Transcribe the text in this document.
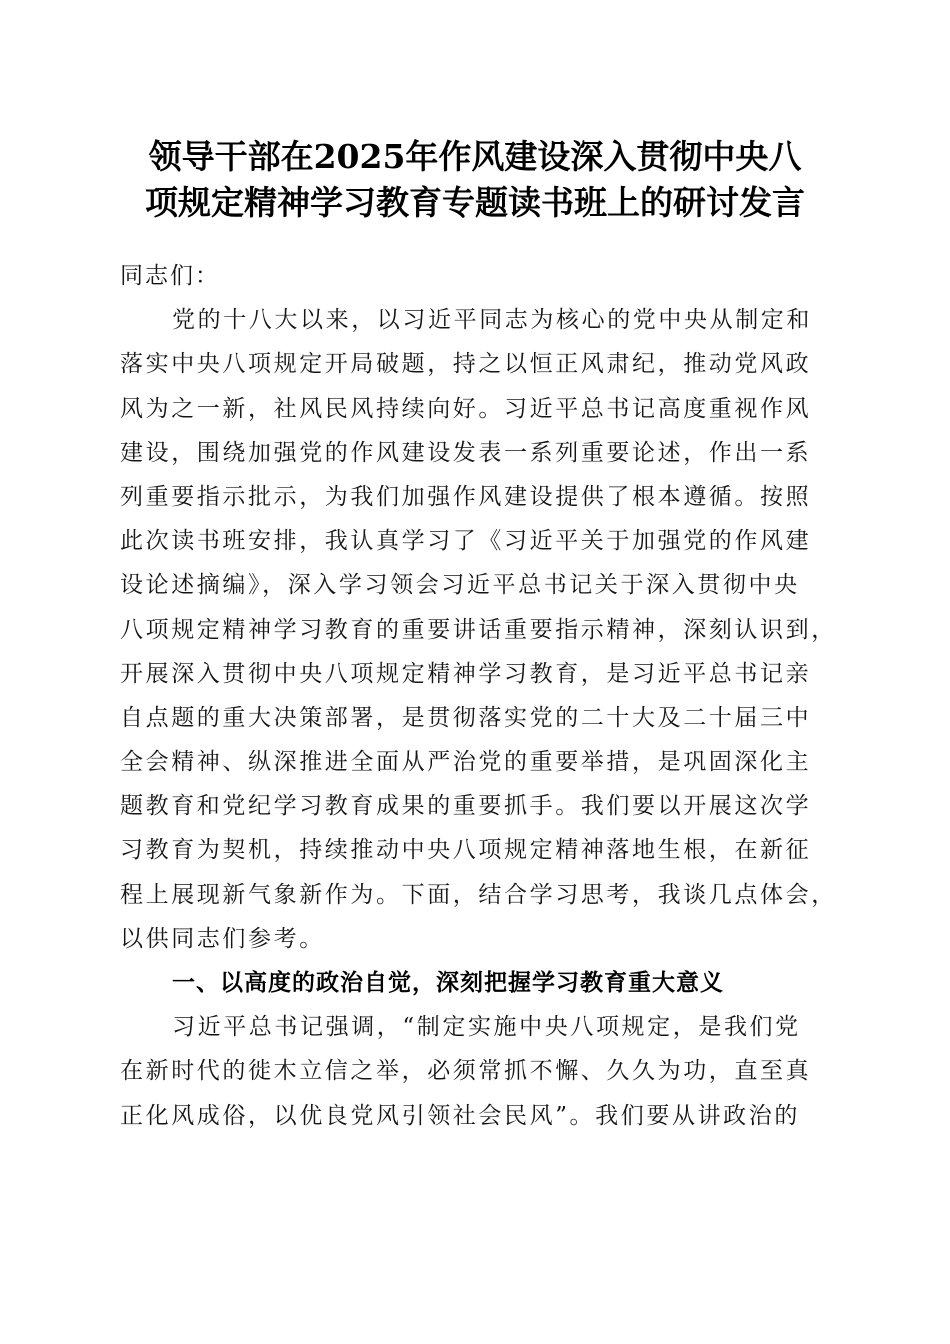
领导干部在2025年作风建设深入贯彻中央八
项规定精神学习教育专题读书班上的研讨发言
同志们：
党的十八大以来，以习近平同志为核心的党中央从制定和
落实中央八项规定开局破题，持之以恒正风肃纪，推动党风政
风为之一新，社风民风持续向好。习近平总书记高度重视作风
建设，围绕加强党的作风建设发表一系列重要论述，作出一系
列重要指示批示，为我们加强作风建设提供了根本遵循。按照
此次读书班安排，我认真学习了《习近平关于加强党的作风建
设论述摘编》，深入学习领会习近平总书记关于深入贯彻中央
八项规定精神学习教育的重要讲话重要指示精神，深刻认识到，
开展深入贯彻中央八项规定精神学习教育，是习近平总书记亲
自点题的重大决策部署，是贯彻落实党的二十大及二十届三中
全会精神、纵深推进全面从严治党的重要举措，是巩固深化主
题教育和党纪学习教育成果的重要抓手。我们要以开展这次学
习教育为契机，持续推动中央八项规定精神落地生根，在新征
程上展现新气象新作为。下面，结合学习思考，我谈几点体会，
以供同志们参考。
一、以高度的政治自觉，深刻把握学习教育重大意义
习近平总书记强调，“制定实施中央八项规定，是我们党
在新时代的徙木立信之举，必须常抓不懈、久久为功，直至真
正化风成俗，以优良党风引领社会民风”。我们要从讲政治的
